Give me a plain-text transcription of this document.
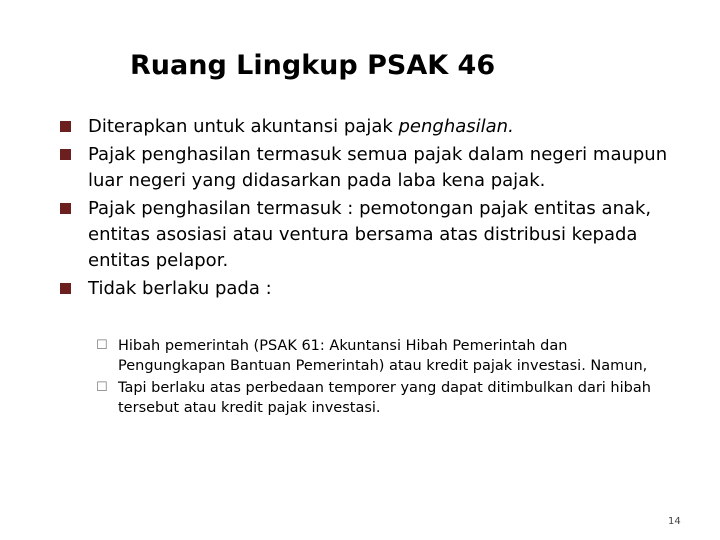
Ruang Lingkup PSAK 46
Diterapkan untuk akuntansi pajak penghasilan.
Pajak penghasilan termasuk semua pajak dalam negeri maupun luar negeri yang didasarkan pada laba kena pajak.
Pajak penghasilan termasuk : pemotongan pajak entitas anak, entitas asosiasi atau ventura bersama atas distribusi kepada entitas pelapor.
Tidak berlaku pada :
☐ Hibah pemerintah (PSAK 61: Akuntansi Hibah Pemerintah dan Pengungkapan Bantuan Pemerintah) atau kredit pajak investasi. Namun,
☐ Tapi berlaku atas perbedaan temporer yang dapat ditimbulkan dari hibah tersebut atau kredit pajak investasi.
14
